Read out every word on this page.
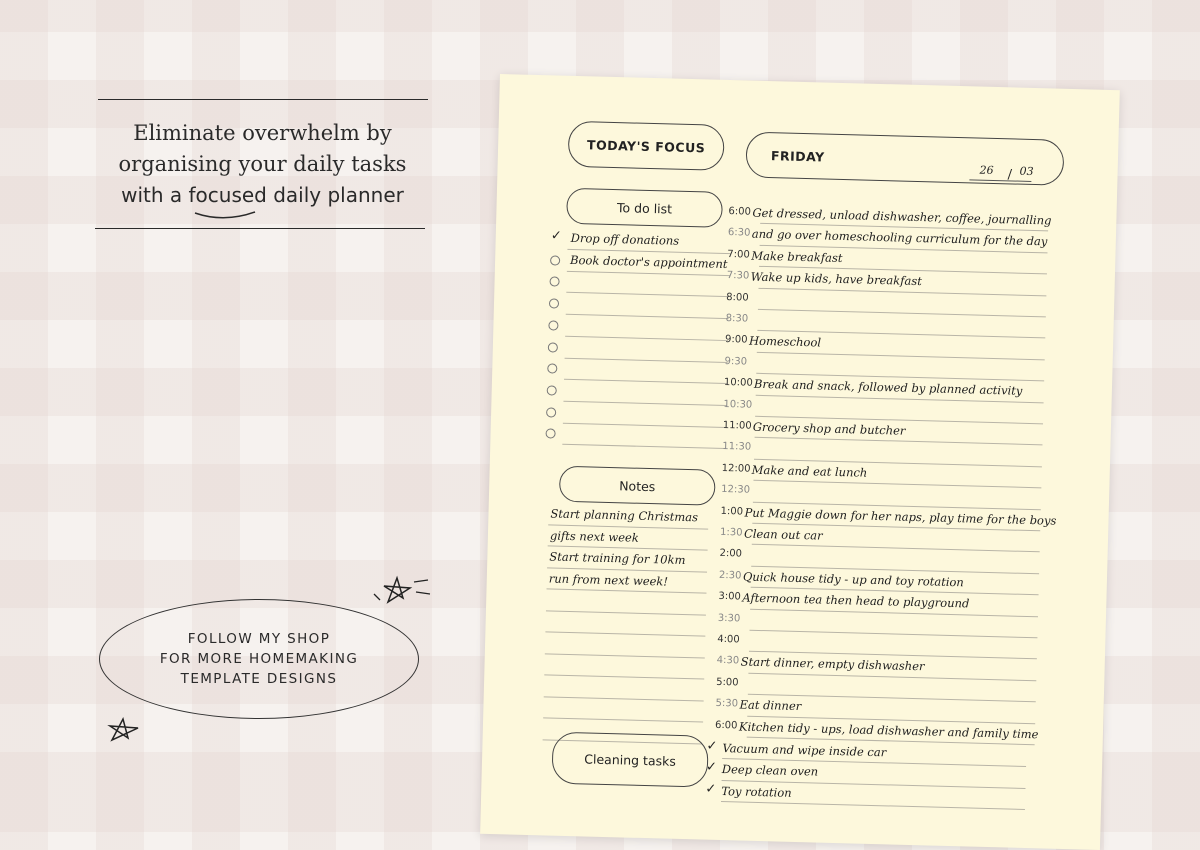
Eliminate overwhelm by
organising your daily tasks
with a focused
daily planner
FOLLOW MY SHOP
FOR MORE HOMEMAKING
TEMPLATE DESIGNS
TODAY'S FOCUS
FRIDAY
26 / 03
To do list
✓ Drop off donations
Book doctor's appointment
Notes
Start planning Christmas
gifts next week
Start training for 10km
run from next week!
Cleaning tasks
6:00 Get dressed, unload dishwasher, coffee, journalling
6:30 and go over homeschooling curriculum for the day
7:00 Make breakfast
7:30 Wake up kids, have breakfast
8:00
8:30
9:00 Homeschool
9:30
10:00 Break and snack, followed by planned activity
10:30
11:00 Grocery shop and butcher
11:30
12:00 Make and eat lunch
12:30
1:00 Put Maggie down for her naps, play time for the boys
1:30 Clean out car
2:00
2:30 Quick house tidy - up and toy rotation
3:00 Afternoon tea then head to playground
3:30
4:00
4:30 Start dinner, empty dishwasher
5:00
5:30 Eat dinner
6:00 Kitchen tidy - ups, load dishwasher and family time
✓ Vacuum and wipe inside car
✓ Deep clean oven
✓ Toy rotation
